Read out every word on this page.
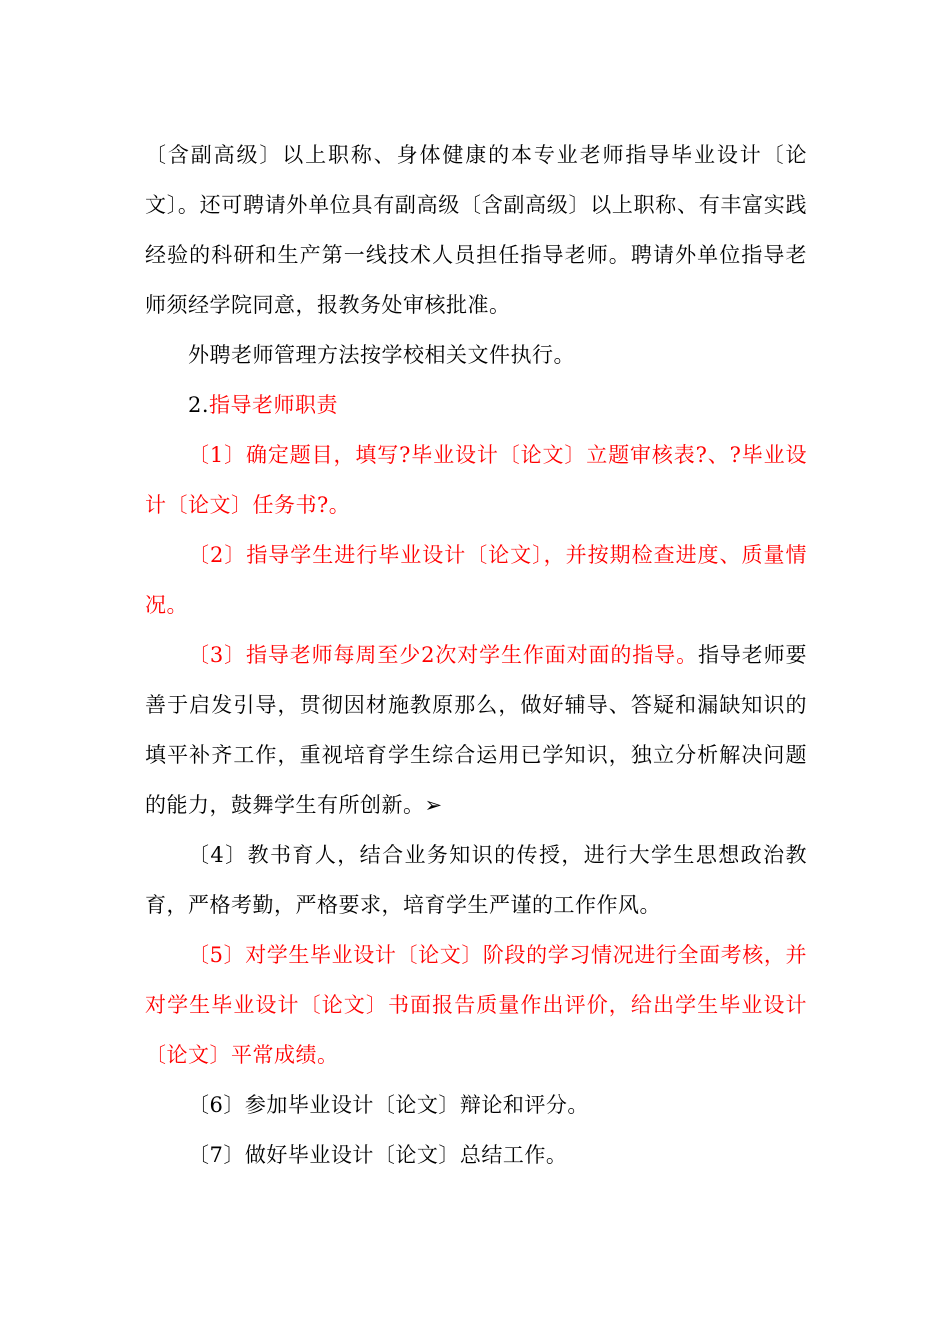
〔含副高级〕以上职称、身体健康的本专业老师指导毕业设计〔论文〕。还可聘请外单位具有副高级〔含副高级〕以上职称、有丰富实践经验的科研和生产第一线技术人员担任指导老师。聘请外单位指导老师须经学院同意，报教务处审核批准。

外聘老师管理方法按学校相关文件执行。

2.指导老师职责

〔1〕确定题目，填写?毕业设计〔论文〕立题审核表?、?毕业设计〔论文〕任务书?。

〔2〕指导学生进行毕业设计〔论文〕，并按期检查进度、质量情况。

〔3〕指导老师每周至少2次对学生作面对面的指导。指导老师要善于启发引导，贯彻因材施教原那么，做好辅导、答疑和漏缺知识的填平补齐工作，重视培育学生综合运用已学知识，独立分析解决问题的能力，鼓舞学生有所创新。➢

〔4〕教书育人，结合业务知识的传授，进行大学生思想政治教育，严格考勤，严格要求，培育学生严谨的工作作风。

〔5〕对学生毕业设计〔论文〕阶段的学习情况进行全面考核，并对学生毕业设计〔论文〕书面报告质量作出评价，给出学生毕业设计〔论文〕平常成绩。

〔6〕参加毕业设计〔论文〕辩论和评分。

〔7〕做好毕业设计〔论文〕总结工作。
